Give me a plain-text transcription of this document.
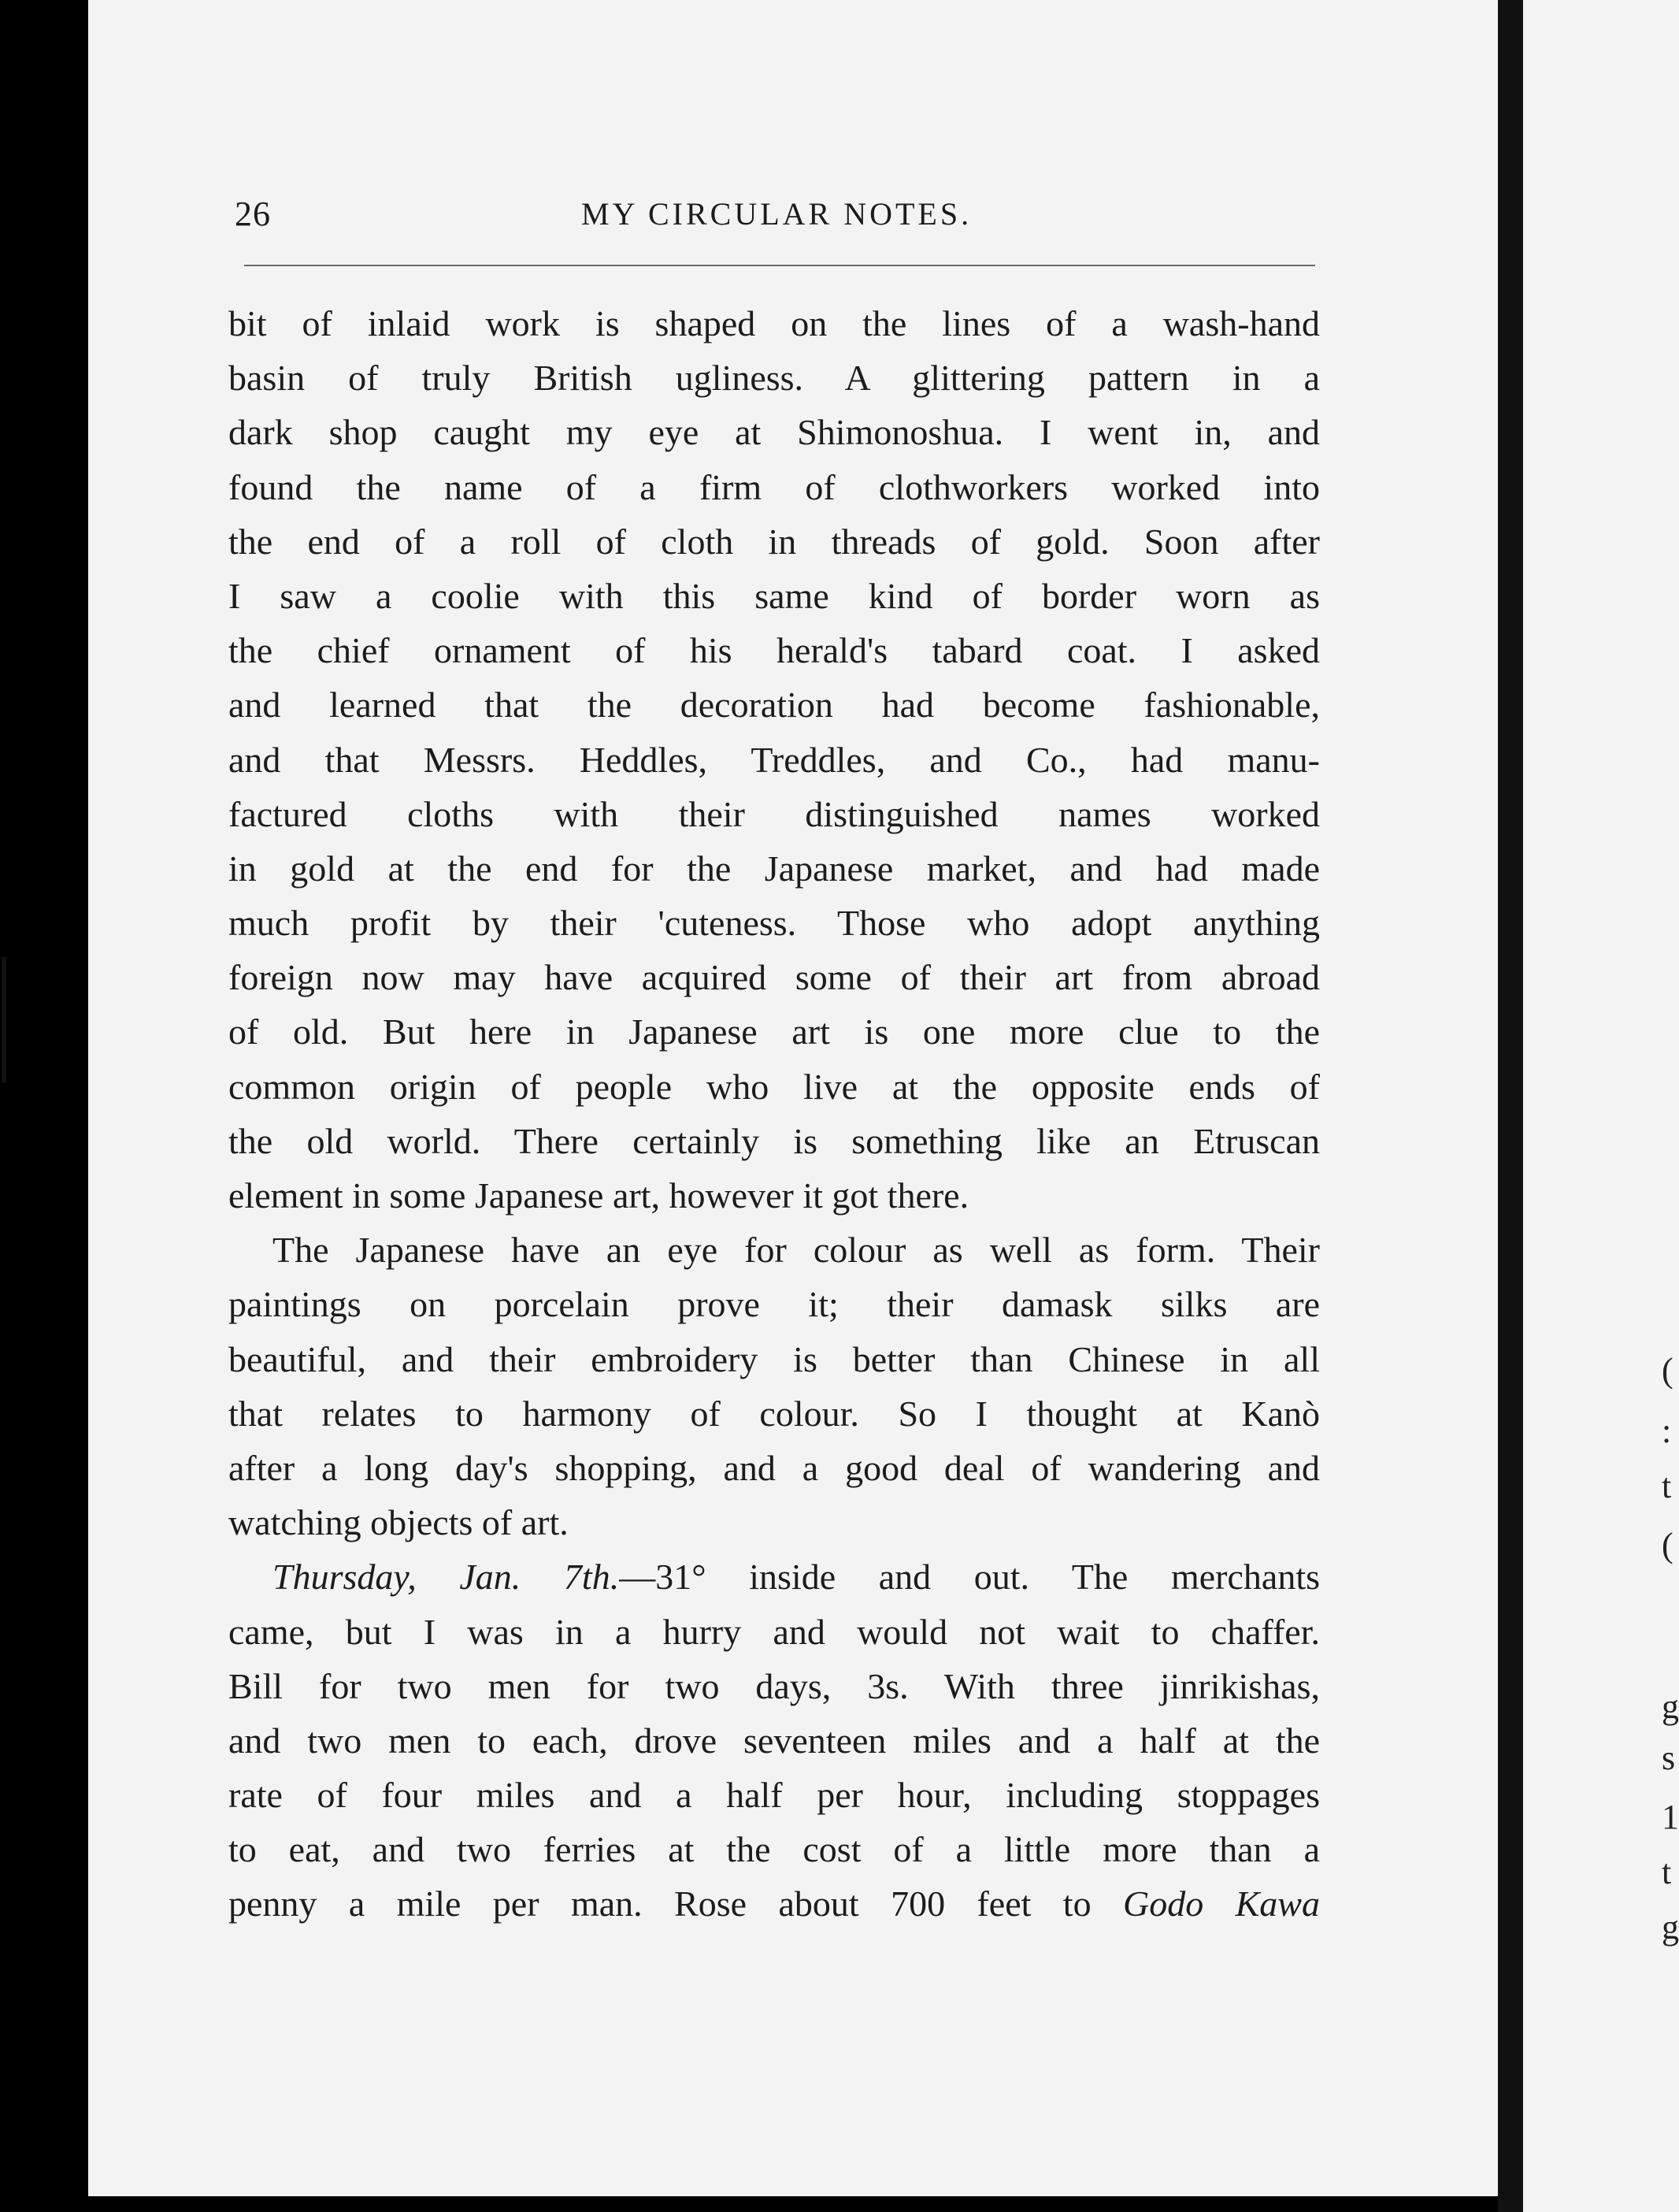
(
:
t
(
g
s
1
t
g
26	MY CIRCULAR NOTES.
bit of inlaid work is shaped on the lines of a wash-hand
basin of truly British ugliness. A glittering pattern in a
dark shop caught my eye at Shimonoshua. I went in, and
found the name of a firm of clothworkers worked into
the end of a roll of cloth in threads of gold. Soon after
I saw a coolie with this same kind of border worn as
the chief ornament of his herald's tabard coat. I asked
and learned that the decoration had become fashionable,
and that Messrs. Heddles, Treddles, and Co., had manu-
factured cloths with their distinguished names worked
in gold at the end for the Japanese market, and had made
much profit by their 'cuteness. Those who adopt anything
foreign now may have acquired some of their art from abroad
of old. But here in Japanese art is one more clue to the
common origin of people who live at the opposite ends of
the old world. There certainly is something like an Etruscan
element in some Japanese art, however it got there.
The Japanese have an eye for colour as well as form. Their
paintings on porcelain prove it; their damask silks are
beautiful, and their embroidery is better than Chinese in all
that relates to harmony of colour. So I thought at Kanò
after a long day's shopping, and a good deal of wandering and
watching objects of art.
Thursday, Jan. 7th.—31° inside and out. The merchants
came, but I was in a hurry and would not wait to chaffer.
Bill for two men for two days, 3s. With three jinrikishas,
and two men to each, drove seventeen miles and a half at the
rate of four miles and a half per hour, including stoppages
to eat, and two ferries at the cost of a little more than a
penny a mile per man. Rose about 700 feet to Godo Kawa
